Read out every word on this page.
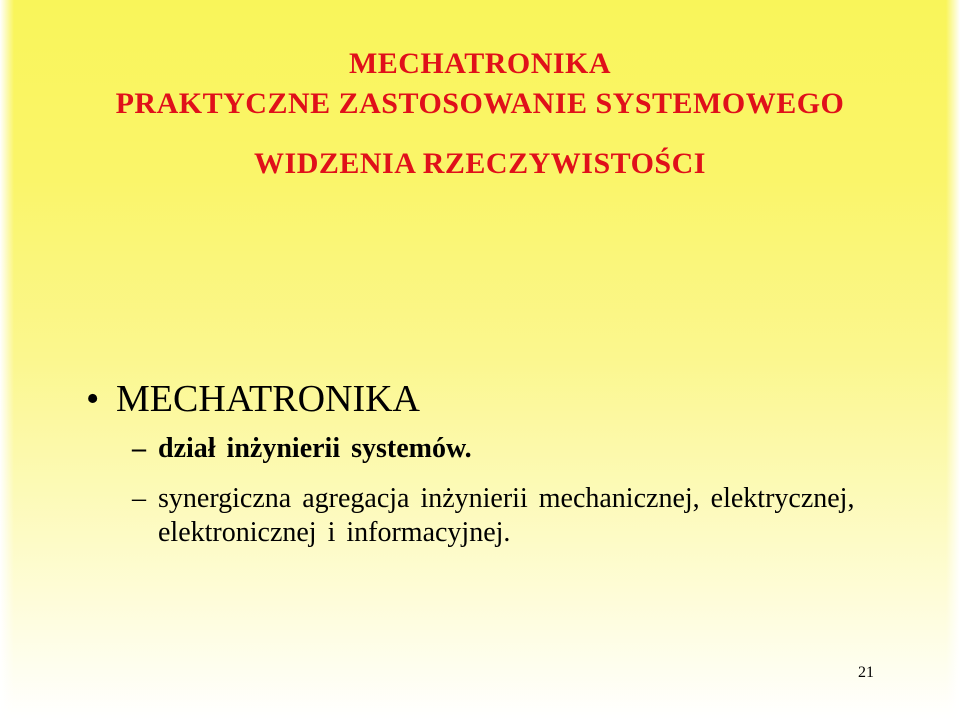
MECHATRONIKA
PRAKTYCZNE ZASTOSOWANIE SYSTEMOWEGO
WIDZENIA RZECZYWISTOŚCI
• MECHATRONIKA
– dział inżynierii systemów.
– synergiczna agregacja inżynierii mechanicznej, elektrycznej, elektronicznej i informacyjnej.
21
